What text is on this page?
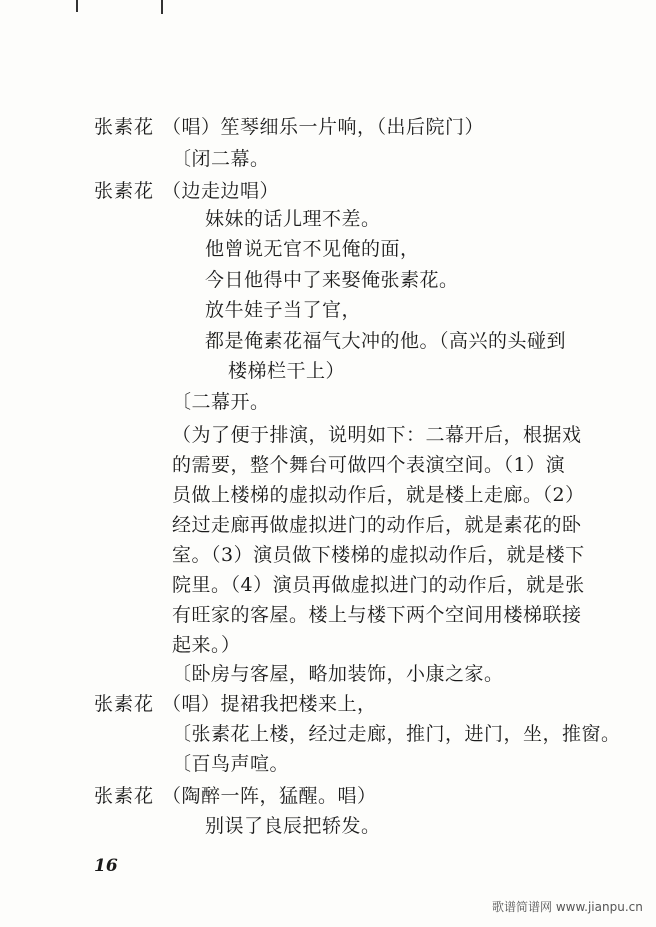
张素花 （唱）笙琴细乐一片响，（出后院门）
〔闭二幕。
张素花 （边走边唱）
妹妹的话儿理不差。
他曾说无官不见俺的面，
今日他得中了来娶俺张素花。
放牛娃子当了官，
都是俺素花福气大冲的他。（高兴的头碰到
楼梯栏干上）
〔二幕开。
（为了便于排演，说明如下：二幕开后，根据戏
的需要，整个舞台可做四个表演空间。（1）演
员做上楼梯的虚拟动作后，就是楼上走廊。（2）
经过走廊再做虚拟进门的动作后，就是素花的卧
室。（3）演员做下楼梯的虚拟动作后，就是楼下
院里。（4）演员再做虚拟进门的动作后，就是张
有旺家的客屋。楼上与楼下两个空间用楼梯联接
起来。）
〔卧房与客屋，略加装饰，小康之家。
张素花 （唱）提裙我把楼来上，
〔张素花上楼，经过走廊，推门，进门，坐，推窗。
〔百鸟声喧。
张素花 （陶醉一阵，猛醒。唱）
别误了良辰把轿发。
16
歌谱简谱网 www.jianpu.cn
